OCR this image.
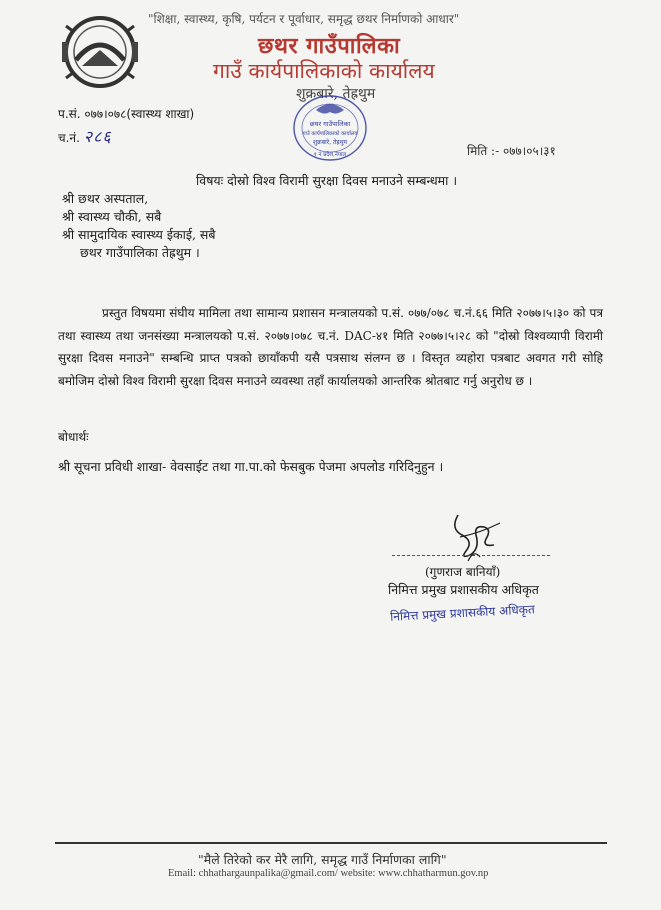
"शिक्षा, स्वास्थ्य, कृषि, पर्यटन र पूर्वाधार, समृद्ध छथर निर्माणको आधार"
छथर गाउँपालिका
गाउँ कार्यपालिकाको कार्यालय
शुक्रबारे, तेह्रथुम
प.सं. ०७७।०७८(स्वास्थ्य शाखा)
च.नं. २८६
छथर गाउँपालिका
गाउँ कार्यपालिकाको कार्यालय
शुक्रबारे, तेह्रथुम
१ नं प्रदेश,नेपाल	मिति :- ०७७।०५।३१
विषयः दोस्रो विश्व विरामी सुरक्षा दिवस मनाउने सम्बन्धमा ।
श्री छथर अस्पताल,
श्री स्वास्थ्य चौकी, सबै
श्री सामुदायिक स्वास्थ्य ईकाई, सबै
छथर गाउँपालिका तेह्रथुम ।
प्रस्तुत विषयमा संघीय मामिला तथा सामान्य प्रशासन मन्त्रालयको प.सं. ०७७/०७८ च.नं.६६ मिति २०७७।५।३० को पत्र तथा स्वास्थ्य तथा जनसंख्या मन्त्रालयको प.सं. २०७७।०७८ च.नं. DAC-४१ मिति २०७७।५।२८ को "दोस्रो विश्वव्यापी विरामी सुरक्षा दिवस मनाउने" सम्बन्धि प्राप्त पत्रको छायाँकपी यसै पत्रसाथ संलग्न छ । विस्तृत व्यहोरा पत्रबाट अवगत गरी सोहि बमोजिम दोस्रो विश्व विरामी सुरक्षा दिवस मनाउने व्यवस्था तहाँ कार्यालयको आन्तरिक श्रोतबाट गर्नु अनुरोध छ ।
बोधार्थः
श्री सूचना प्रविधी शाखा- वेवसाईट तथा गा.पा.को फेसबुक पेजमा अपलोड गरिदिनुहुन ।
(गुणराज बानियाँ)
निमित्त प्रमुख प्रशासकीय अधिकृत
निमित्त प्रमुख प्रशासकीय अधिकृत
"मैले तिरेको कर मेरै लागि, समृद्ध गाउँ निर्माणका लागि"
Email: chhathargaunpalika@gmail.com/ website: www.chhatharmun.gov.np
